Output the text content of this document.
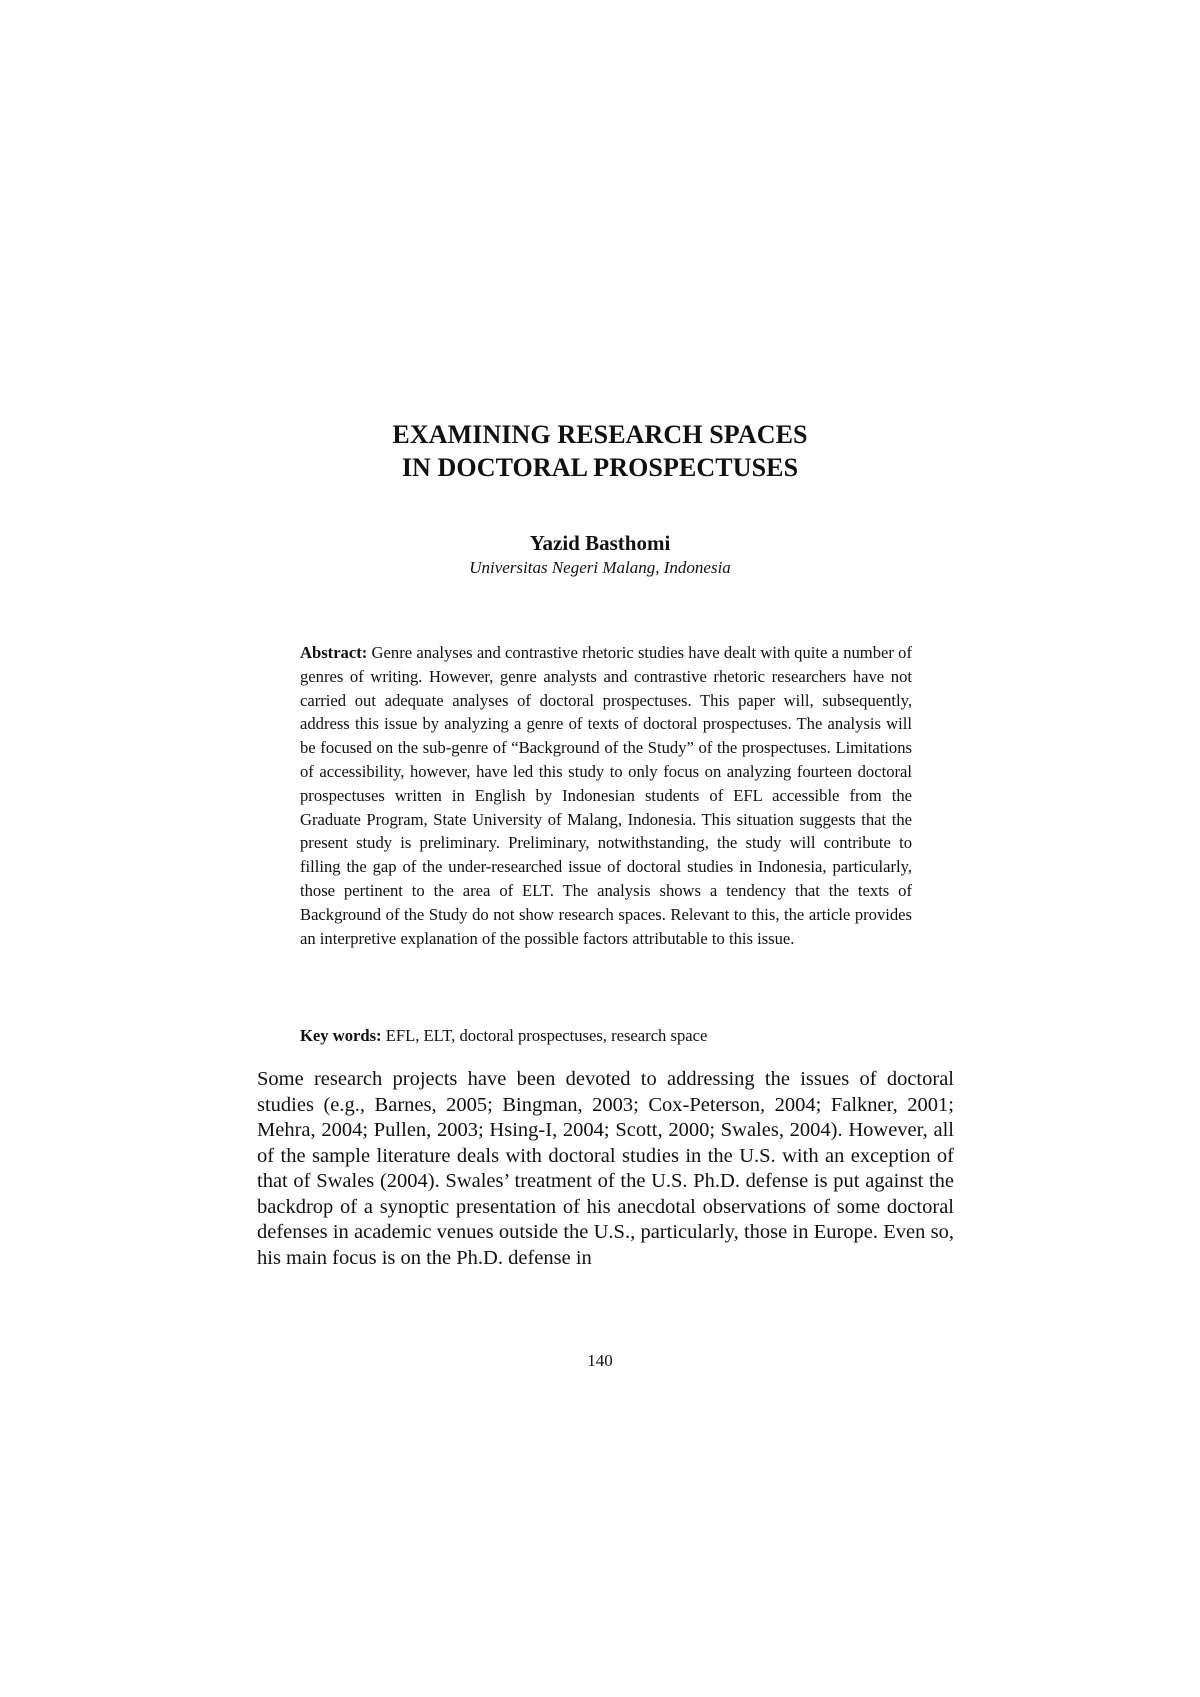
EXAMINING RESEARCH SPACES
IN DOCTORAL PROSPECTUSES
Yazid Basthomi
Universitas Negeri Malang, Indonesia

Abstract: Genre analyses and contrastive rhetoric studies have dealt with quite a number of genres of writing. However, genre analysts and contrastive rhetoric researchers have not carried out adequate analyses of doctoral prospectuses. This paper will, subsequently, address this issue by analyzing a genre of texts of doctoral prospectuses. The analysis will be focused on the sub-genre of “Background of the Study” of the prospectuses. Limitations of accessibility, however, have led this study to only focus on analyzing fourteen doctoral prospectuses written in English by Indonesian students of EFL accessible from the Graduate Program, State University of Malang, Indonesia. This situation suggests that the present study is preliminary. Preliminary, notwithstanding, the study will contribute to filling the gap of the under-researched issue of doctoral studies in Indonesia, particularly, those pertinent to the area of ELT. The analysis shows a tendency that the texts of Background of the Study do not show research spaces. Relevant to this, the article provides an interpretive explanation of the possible factors attributable to this issue.

Key words: EFL, ELT, doctoral prospectuses, research space

Some research projects have been devoted to addressing the issues of doctoral studies (e.g., Barnes, 2005; Bingman, 2003; Cox-Peterson, 2004; Falkner, 2001; Mehra, 2004; Pullen, 2003; Hsing-I, 2004; Scott, 2000; Swales, 2004). However, all of the sample literature deals with doctoral studies in the U.S. with an exception of that of Swales (2004). Swales’ treatment of the U.S. Ph.D. defense is put against the backdrop of a synoptic presentation of his anecdotal observations of some doctoral defenses in academic venues outside the U.S., particularly, those in Europe. Even so, his main focus is on the Ph.D. defense in

140
